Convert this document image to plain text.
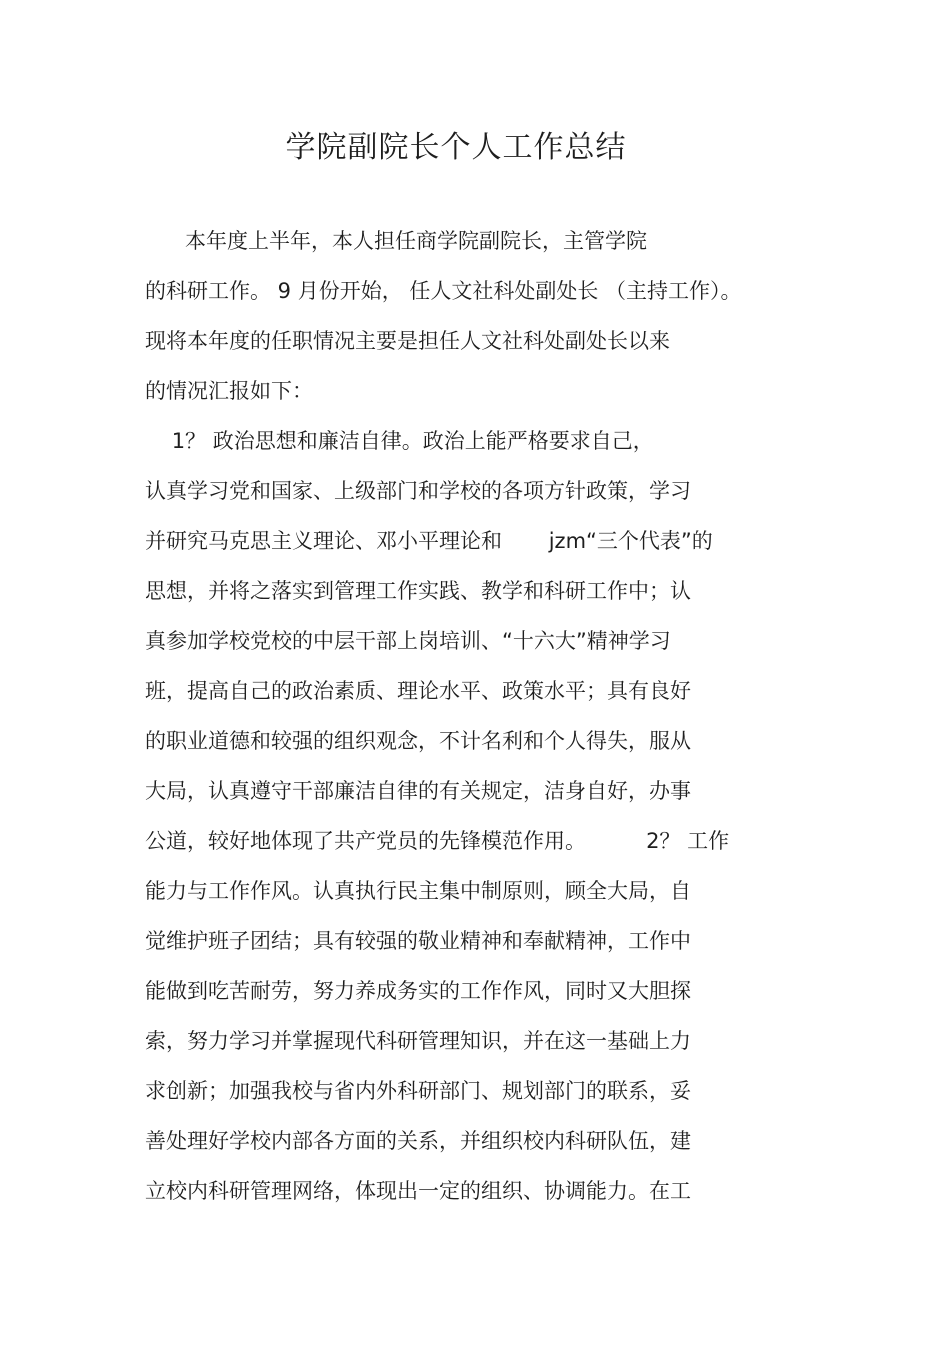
学院副院长个人工作总结
本年度上半年，本人担任商学院副院长，主管学院
的科研工作。 9 月份开始， 任人文社科处副处长 （主持工作）。
现将本年度的任职情况主要是担任人文社科处副处长以来
的情况汇报如下：
1？ 政治思想和廉洁自律。政治上能严格要求自己，
认真学习党和国家、上级部门和学校的各项方针政策，学习
并研究马克思主义理论、邓小平理论和       jzm“三个代表”的
思想，并将之落实到管理工作实践、教学和科研工作中；认
真参加学校党校的中层干部上岗培训、“十六大”精神学习
班，提高自己的政治素质、理论水平、政策水平；具有良好
的职业道德和较强的组织观念，不计名利和个人得失，服从
大局，认真遵守干部廉洁自律的有关规定，洁身自好，办事
公道，较好地体现了共产党员的先锋模范作用。         2？ 工作
能力与工作作风。认真执行民主集中制原则，顾全大局，自
觉维护班子团结；具有较强的敬业精神和奉献精神，工作中
能做到吃苦耐劳，努力养成务实的工作作风，同时又大胆探
索，努力学习并掌握现代科研管理知识，并在这一基础上力
求创新；加强我校与省内外科研部门、规划部门的联系，妥
善处理好学校内部各方面的关系，并组织校内科研队伍，建
立校内科研管理网络，体现出一定的组织、协调能力。在工
